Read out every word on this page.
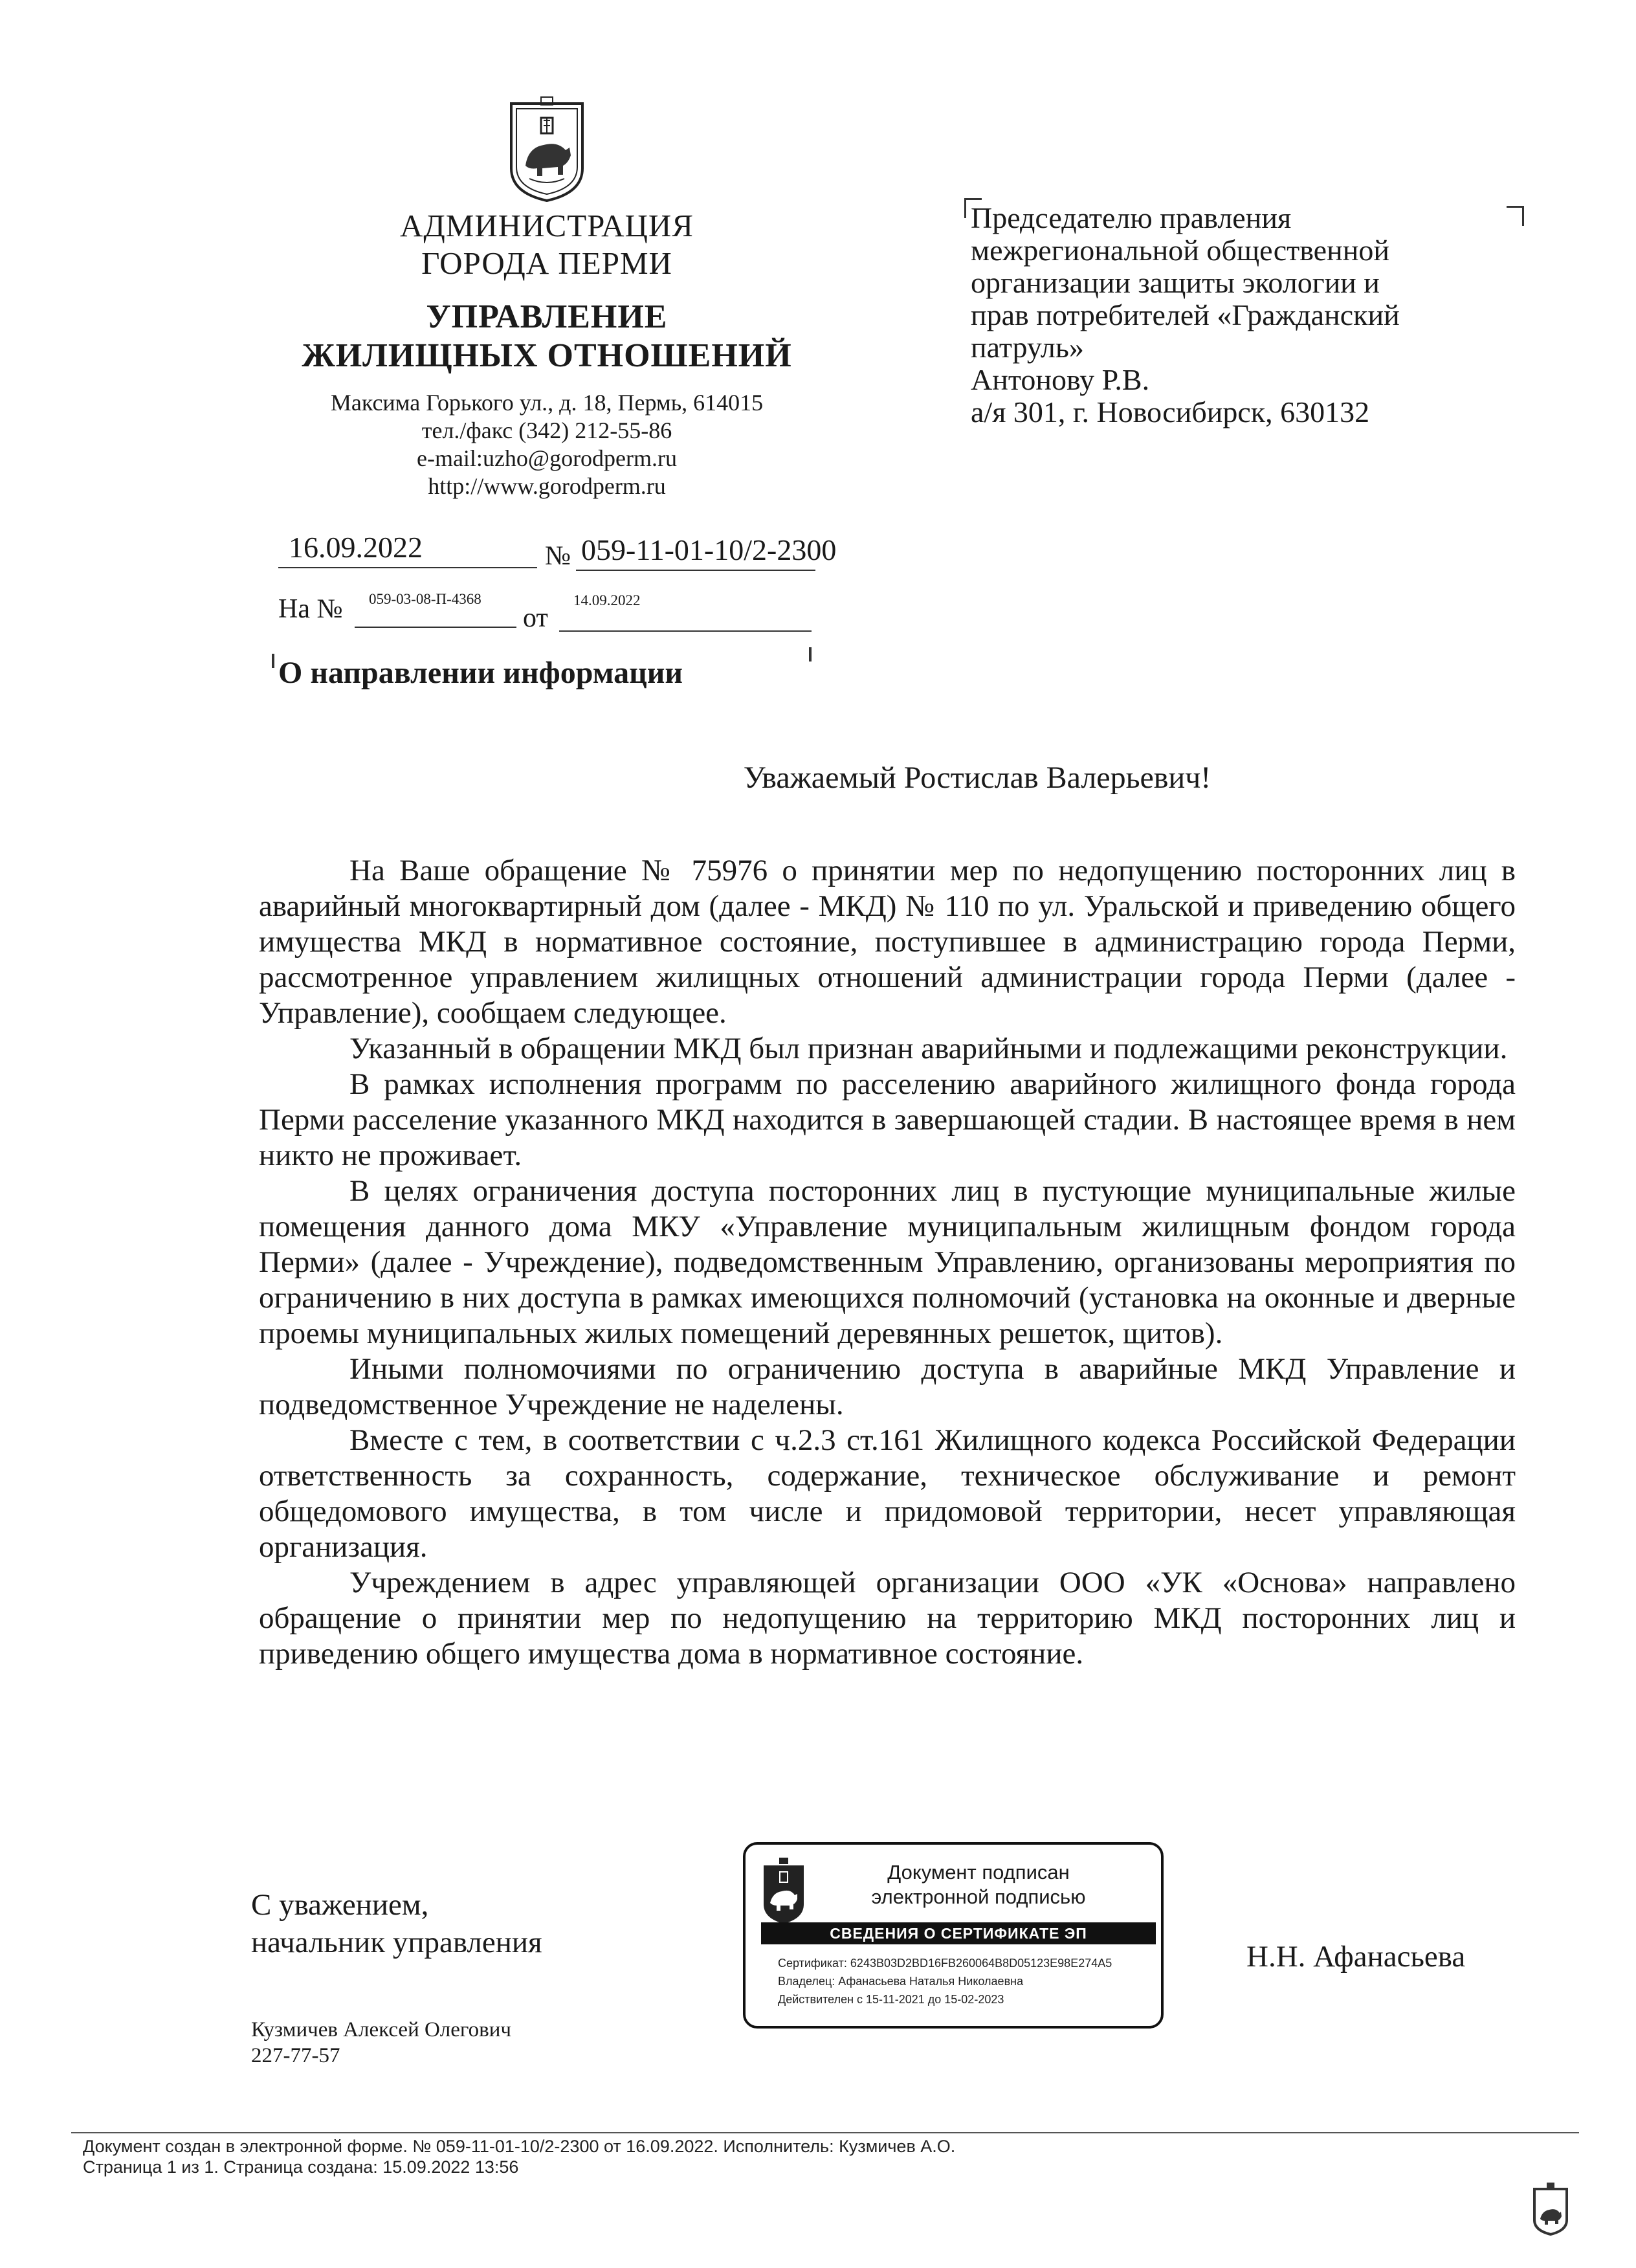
АДМИНИСТРАЦИЯ
ГОРОДА ПЕРМИ
УПРАВЛЕНИЕ
ЖИЛИЩНЫХ ОТНОШЕНИЙ
Максима Горького ул., д. 18, Пермь, 614015
тел./факс (342) 212-55-86
e-mail:uzho@gorodperm.ru
http://www.gorodperm.ru
16.09.2022	№ 059-11-01-10/2-2300
На № 059-03-08-П-4368
от
14.09.2022
О направлении информации
Председателю правления
межрегиональной общественной
организации защиты экологии и
прав потребителей «Гражданский
патруль»
Антонову Р.В.
а/я 301, г. Новосибирск, 630132
Уважаемый Ростислав Валерьевич!

На Ваше обращение № 75976 о принятии мер по недопущению посторонних лиц в аварийный многоквартирный дом (далее - МКД) № 110 по ул. Уральской и приведению общего имущества МКД в нормативное состояние, поступившее в администрацию города Перми, рассмотренное управлением жилищных отношений администрации города Перми (далее - Управление), сообщаем следующее.

Указанный в обращении МКД был признан аварийными и подлежащими реконструкции.

В рамках исполнения программ по расселению аварийного жилищного фонда города Перми расселение указанного МКД находится в завершающей стадии. В настоящее время в нем никто не проживает.

В целях ограничения доступа посторонних лиц в пустующие муниципальные жилые помещения данного дома МКУ «Управление муниципальным жилищным фондом города Перми» (далее - Учреждение), подведомственным Управлению, организованы мероприятия по ограничению в них доступа в рамках имеющихся полномочий (установка на оконные и дверные проемы муниципальных жилых помещений деревянных решеток, щитов).

Иными полномочиями по ограничению доступа в аварийные МКД Управление и подведомственное Учреждение не наделены.

Вместе с тем, в соответствии с ч.2.3 ст.161 Жилищного кодекса Российской Федерации ответственность за сохранность, содержание, техническое обслуживание и ремонт общедомового имущества, в том числе и придомовой территории, несет управляющая организация.

Учреждением в адрес управляющей организации ООО «УК «Основа» направлено обращение о принятии мер по недопущению на территорию МКД посторонних лиц и приведению общего имущества дома в нормативное состояние.

С уважением,
начальник управления
Документ подписан
электронной подписью
СВЕДЕНИЯ О СЕРТИФИКАТЕ ЭП
Сертификат: 6243B03D2BD16FB260064B8D05123E98E274A5
Владелец: Афанасьева Наталья Николаевна
Действителен с 15-11-2021 до 15-02-2023
Н.Н. Афанасьева
Кузмичев Алексей Олегович
227-77-57
Документ создан в электронной форме. № 059-11-01-10/2-2300 от 16.09.2022. Исполнитель: Кузмичев А.О.
Страница 1 из 1. Страница создана: 15.09.2022 13:56
